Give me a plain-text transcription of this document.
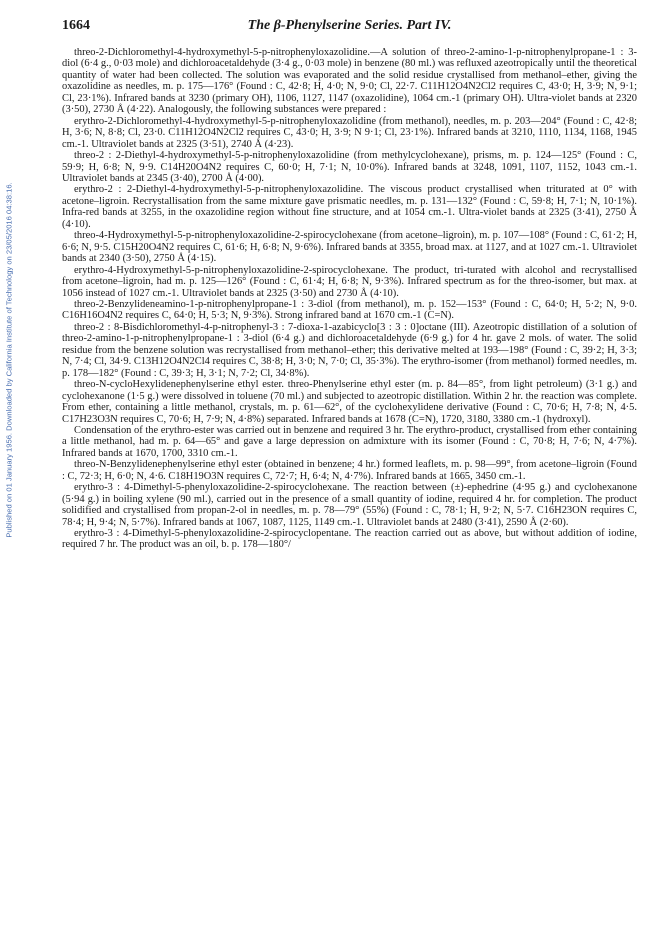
Published on 01 January 1956. Downloaded by California Institute of Technology on 23/05/2016 04:38:16.
1664	The β-Phenylserine Series. Part IV.

threo-2-Dichloromethyl-4-hydroxymethyl-5-p-nitrophenyloxazolidine.—A solution of threo-2-amino-1-p-nitrophenylpropane-1 : 3-diol (6·4 g., 0·03 mole) and dichloroacetaldehyde (3·4 g., 0·03 mole) in benzene (80 ml.) was refluxed azeotropically until the theoretical quantity of water had been collected. The solution was evaporated and the solid residue crystallised from methanol–ether, giving the oxazolidine as needles, m. p. 175—176° (Found : C, 42·8; H, 4·0; N, 9·0; Cl, 22·7. C11H12O4N2Cl2 requires C, 43·0; H, 3·9; N, 9·1; Cl, 23·1%). Infrared bands at 3230 (primary OH), 1106, 1127, 1147 (oxazolidine), 1064 cm.-1 (primary OH). Ultra-violet bands at 2320 (3·50), 2730 Å (4·22). Analogously, the following substances were prepared :

erythro-2-Dichloromethyl-4-hydroxymethyl-5-p-nitrophenyloxazolidine (from methanol), needles, m. p. 203—204° (Found : C, 42·8; H, 3·6; N, 8·8; Cl, 23·0. C11H12O4N2Cl2 requires C, 43·0; H, 3·9; N 9·1; Cl, 23·1%). Infrared bands at 3210, 1110, 1134, 1168, 1945 cm.-1. Ultraviolet bands at 2325 (3·51), 2740 Å (4·23).

threo-2 : 2-Diethyl-4-hydroxymethyl-5-p-nitrophenyloxazolidine (from methylcyclohexane), prisms, m. p. 124—125° (Found : C, 59·9; H, 6·8; N, 9·9. C14H20O4N2 requires C, 60·0; H, 7·1; N, 10·0%). Infrared bands at 3248, 1091, 1107, 1152, 1043 cm.-1. Ultraviolet bands at 2345 (3·40), 2700 Å (4·00).

erythro-2 : 2-Diethyl-4-hydroxymethyl-5-p-nitrophenyloxazolidine. The viscous product crystallised when triturated at 0° with acetone–ligroin. Recrystallisation from the same mixture gave prismatic needles, m. p. 131—132° (Found : C, 59·8; H, 7·1; N, 10·1%). Infra-red bands at 3255, in the oxazolidine region without fine structure, and at 1054 cm.-1. Ultra-violet bands at 2325 (3·41), 2750 Å (4·10).

threo-4-Hydroxymethyl-5-p-nitrophenyloxazolidine-2-spirocyclohexane (from acetone–ligroin), m. p. 107—108° (Found : C, 61·2; H, 6·6; N, 9·5. C15H20O4N2 requires C, 61·6; H, 6·8; N, 9·6%). Infrared bands at 3355, broad max. at 1127, and at 1027 cm.-1. Ultraviolet bands at 2340 (3·50), 2750 Å (4·15).

erythro-4-Hydroxymethyl-5-p-nitrophenyloxazolidine-2-spirocyclohexane. The product, tri-turated with alcohol and recrystallised from acetone–ligroin, had m. p. 125—126° (Found : C, 61·4; H, 6·8; N, 9·3%). Infrared spectrum as for the threo-isomer, but max. at 1056 instead of 1027 cm.-1. Ultraviolet bands at 2325 (3·50) and 2730 Å (4·10).

threo-2-Benzylideneamino-1-p-nitrophenylpropane-1 : 3-diol (from methanol), m. p. 152—153° (Found : C, 64·0; H, 5·2; N, 9·0. C16H16O4N2 requires C, 64·0; H, 5·3; N, 9·3%). Strong infrared band at 1670 cm.-1 (C=N).

threo-2 : 8-Bisdichloromethyl-4-p-nitrophenyl-3 : 7-dioxa-1-azabicyclo[3 : 3 : 0]octane (III). Azeotropic distillation of a solution of threo-2-amino-1-p-nitrophenylpropane-1 : 3-diol (6·4 g.) and dichloroacetaldehyde (6·9 g.) for 4 hr. gave 2 mols. of water. The solid residue from the benzene solution was recrystallised from methanol–ether; this derivative melted at 193—198° (Found : C, 39·2; H, 3·3; N, 7·4; Cl, 34·9. C13H12O4N2Cl4 requires C, 38·8; H, 3·0; N, 7·0; Cl, 35·3%). The erythro-isomer (from methanol) formed needles, m. p. 178—182° (Found : C, 39·3; H, 3·1; N, 7·2; Cl, 34·8%).

threo-N-cycloHexylidenephenylserine ethyl ester. threo-Phenylserine ethyl ester (m. p. 84—85°, from light petroleum) (3·1 g.) and cyclohexanone (1·5 g.) were dissolved in toluene (70 ml.) and subjected to azeotropic distillation. Within 2 hr. the reaction was complete. From ether, containing a little methanol, crystals, m. p. 61—62°, of the cyclohexylidene derivative (Found : C, 70·6; H, 7·8; N, 4·5. C17H23O3N requires C, 70·6; H, 7·9; N, 4·8%) separated. Infrared bands at 1678 (C=N), 1720, 3180, 3380 cm.-1 (hydroxyl).

Condensation of the erythro-ester was carried out in benzene and required 3 hr. The erythro-product, crystallised from ether containing a little methanol, had m. p. 64—65° and gave a large depression on admixture with its isomer (Found : C, 70·8; H, 7·6; N, 4·7%). Infrared bands at 1670, 1700, 3310 cm.-1.

threo-N-Benzylidenephenylserine ethyl ester (obtained in benzene; 4 hr.) formed leaflets, m. p. 98—99°, from acetone–ligroin (Found : C, 72·3; H, 6·0; N, 4·6. C18H19O3N requires C, 72·7; H, 6·4; N, 4·7%). Infrared bands at 1665, 3450 cm.-1.

erythro-3 : 4-Dimethyl-5-phenyloxazolidine-2-spirocyclohexane. The reaction between (±)-ephedrine (4·95 g.) and cyclohexanone (5·94 g.) in boiling xylene (90 ml.), carried out in the presence of a small quantity of iodine, required 4 hr. for completion. The product solidified and crystallised from propan-2-ol in needles, m. p. 78—79° (55%) (Found : C, 78·1; H, 9·2; N, 5·7. C16H23ON requires C, 78·4; H, 9·4; N, 5·7%). Infrared bands at 1067, 1087, 1125, 1149 cm.-1. Ultraviolet bands at 2480 (3·41), 2590 Å (2·60).

erythro-3 : 4-Dimethyl-5-phenyloxazolidine-2-spirocyclopentane. The reaction carried out as above, but without addition of iodine, required 7 hr. The product was an oil, b. p. 178—180°/
